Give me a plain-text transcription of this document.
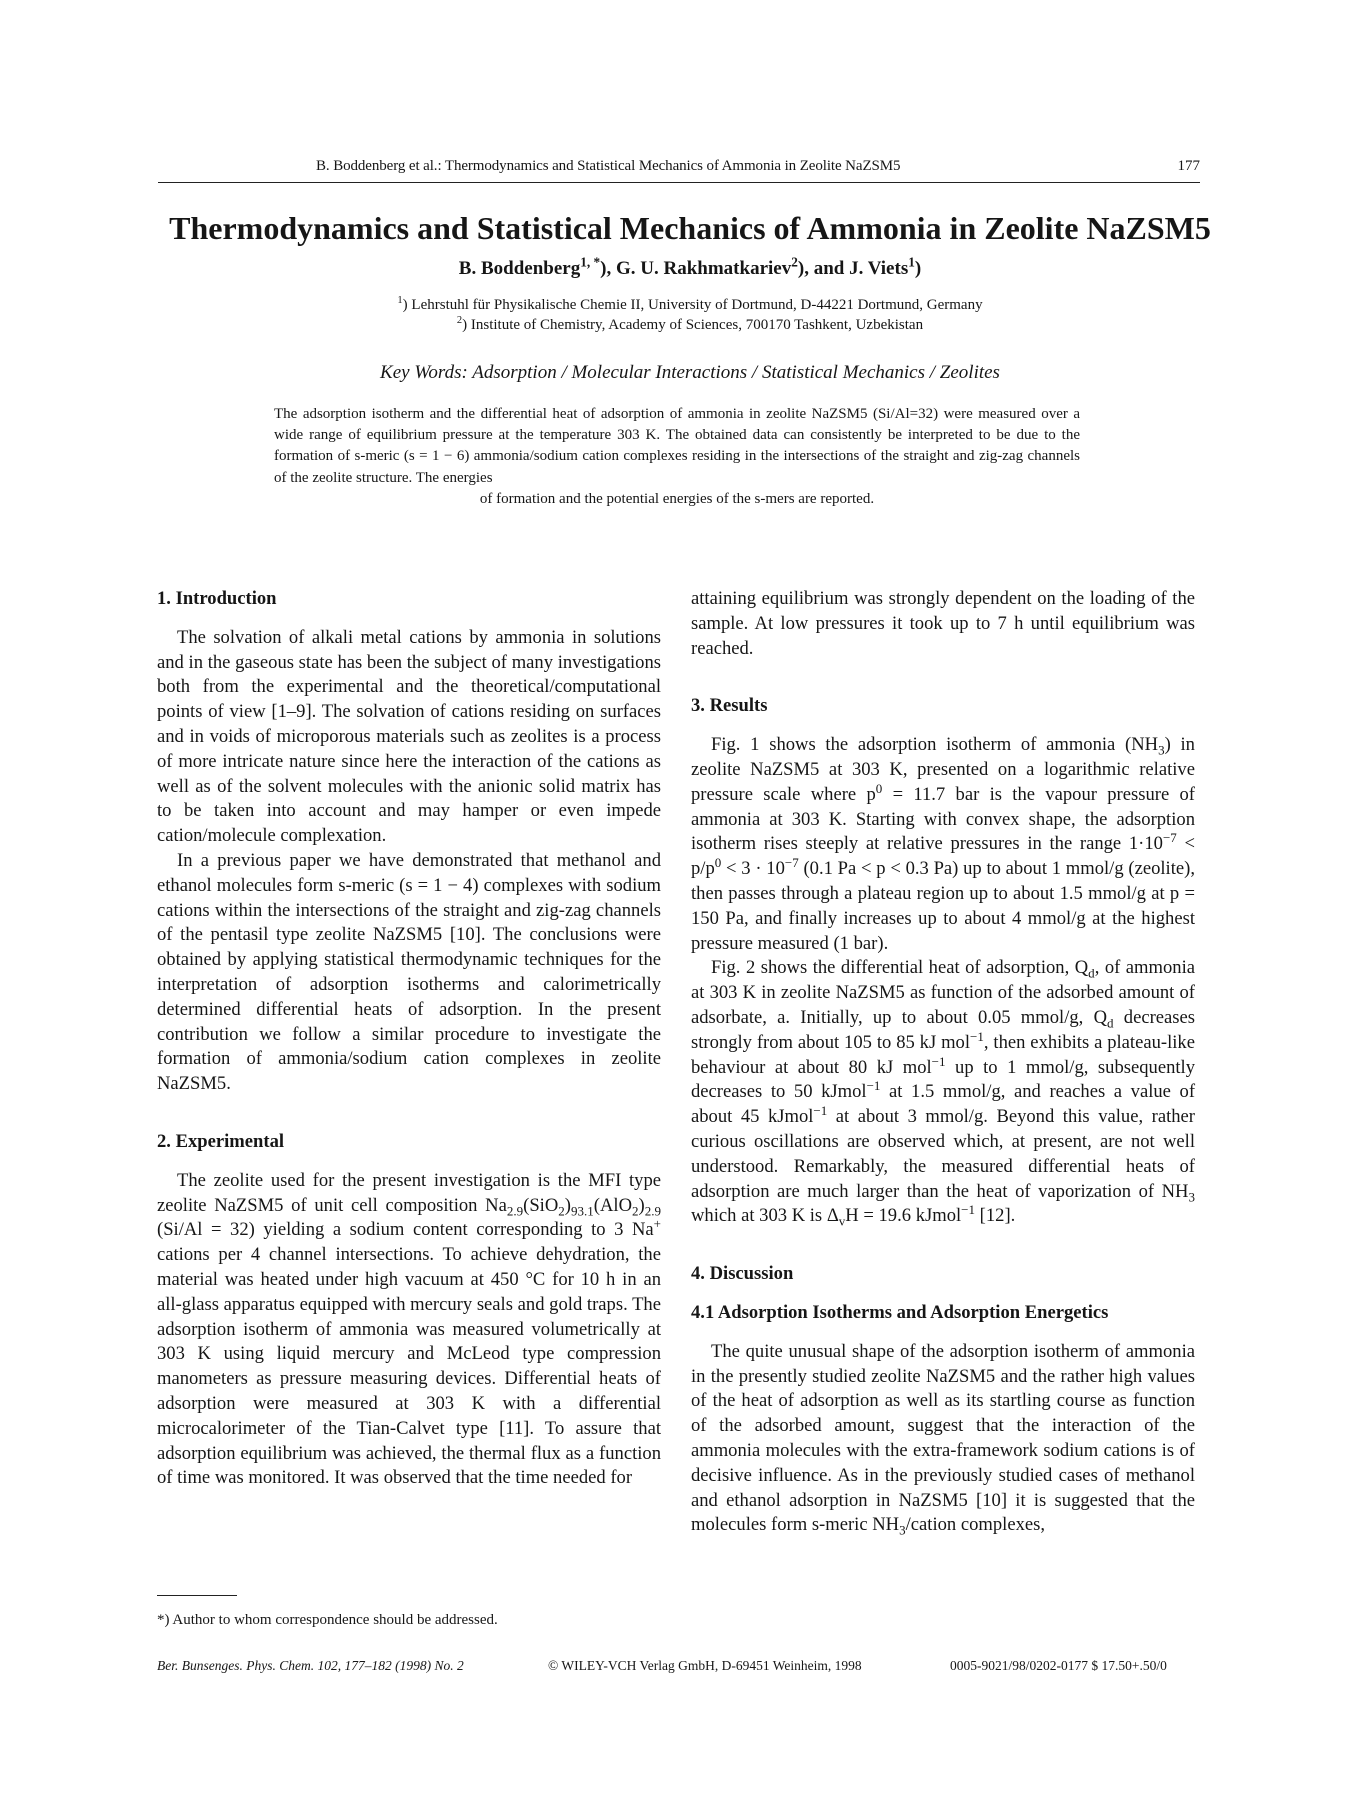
B. Boddenberg et al.: Thermodynamics and Statistical Mechanics of Ammonia in Zeolite NaZSM5	177
Thermodynamics and Statistical Mechanics of Ammonia in Zeolite NaZSM5
B. Boddenberg$^{1, *}$), G. U. Rakhmatkariev$^2$), and J. Viets$^1$)
$^1$) Lehrstuhl für Physikalische Chemie II, University of Dortmund, D-44221 Dortmund, Germany
$^2$) Institute of Chemistry, Academy of Sciences, 700170 Tashkent, Uzbekistan
Key Words: Adsorption / Molecular Interactions / Statistical Mechanics / Zeolites
The adsorption isotherm and the differential heat of adsorption of ammonia in zeolite NaZSM5 (Si/Al=32) were measured over a wide range of equilibrium pressure at the temperature 303 K. The obtained data can consistently be interpreted to be due to the formation of s-meric (s = 1 − 6) ammonia/sodium cation complexes residing in the intersections of the straight and zig-zag channels of the zeolite structure. The energies
of formation and the potential energies of the s-mers are reported.
1. Introduction

The solvation of alkali metal cations by ammonia in solutions and in the gaseous state has been the subject of many investigations both from the experimental and the theoretical/computational points of view [1–9]. The solvation of cations residing on surfaces and in voids of microporous materials such as zeolites is a process of more intricate nature since here the interaction of the cations as well as of the solvent molecules with the anionic solid matrix has to be taken into account and may hamper or even impede cation/molecule complexation.

In a previous paper we have demonstrated that methanol and ethanol molecules form s-meric (s = 1 − 4) complexes with sodium cations within the intersections of the straight and zig-zag channels of the pentasil type zeolite NaZSM5 [10]. The conclusions were obtained by applying statistical thermodynamic techniques for the interpretation of adsorption isotherms and calorimetrically determined differential heats of adsorption. In the present contribution we follow a similar procedure to investigate the formation of ammonia/sodium cation complexes in zeolite NaZSM5.

2. Experimental

The zeolite used for the present investigation is the MFI type zeolite NaZSM5 of unit cell composition $Na_{2.9}(SiO_2)_{93.1}(AlO_2)_{2.9}$ (Si/Al = 32) yielding a sodium content corresponding to 3 Na+ cations per 4 channel intersections. To achieve dehydration, the material was heated under high vacuum at 450 °C for 10 h in an all-glass apparatus equipped with mercury seals and gold traps. The adsorption isotherm of ammonia was measured volumetrically at 303 K using liquid mercury and McLeod type compression manometers as pressure measuring devices. Differential heats of adsorption were measured at 303 K with a differential microcalorimeter of the Tian-Calvet type [11]. To assure that adsorption equilibrium was achieved, the thermal flux as a function of time was monitored. It was observed that the time needed for

attaining equilibrium was strongly dependent on the loading of the sample. At low pressures it took up to 7 h until equilibrium was reached.

3. Results

Fig. 1 shows the adsorption isotherm of ammonia $(NH_3)$ in zeolite NaZSM5 at 303 K, presented on a logarithmic relative pressure scale where $p^0 = 11.7$ bar is the vapour pressure of ammonia at 303 K. Starting with convex shape, the adsorption isotherm rises steeply at relative pressures in the range $1\cdot 10^{-7} < p/p^0 < 3 \cdot 10^{-7}$ (0.1 Pa < p < 0.3 Pa) up to about 1 mmol/g (zeolite), then passes through a plateau region up to about 1.5 mmol/g at p = 150 Pa, and finally increases up to about 4 mmol/g at the highest pressure measured (1 bar).

Fig. 2 shows the differential heat of adsorption, $Q_d$, of ammonia at 303 K in zeolite NaZSM5 as function of the adsorbed amount of adsorbate, a. Initially, up to about 0.05 mmol/g, $Q_d$ decreases strongly from about 105 to 85 kJ mol$^{-1}$, then exhibits a plateau-like behaviour at about 80 kJ mol$^{-1}$ up to 1 mmol/g, subsequently decreases to 50 kJmol$^{-1}$ at 1.5 mmol/g, and reaches a value of about 45 kJmol$^{-1}$ at about 3 mmol/g. Beyond this value, rather curious oscillations are observed which, at present, are not well understood. Remarkably, the measured differential heats of adsorption are much larger than the heat of vaporization of $NH_3$ which at 303 K is $\Delta_vH = 19.6$ kJmol$^{-1}$ [12].

4. Discussion
4.1 Adsorption Isotherms and Adsorption Energetics

The quite unusual shape of the adsorption isotherm of ammonia in the presently studied zeolite NaZSM5 and the rather high values of the heat of adsorption as well as its startling course as function of the adsorbed amount, suggest that the interaction of the ammonia molecules with the extra-framework sodium cations is of decisive influence. As in the previously studied cases of methanol and ethanol adsorption in NaZSM5 [10] it is suggested that the molecules form s-meric $NH_3$/cation complexes,

*) Author to whom correspondence should be addressed.
Ber. Bunsenges. Phys. Chem. 102, 177–182 (1998) No. 2	© WILEY-VCH Verlag GmbH, D-69451 Weinheim, 1998	0005-9021/98/0202-0177 $ 17.50+.50/0
